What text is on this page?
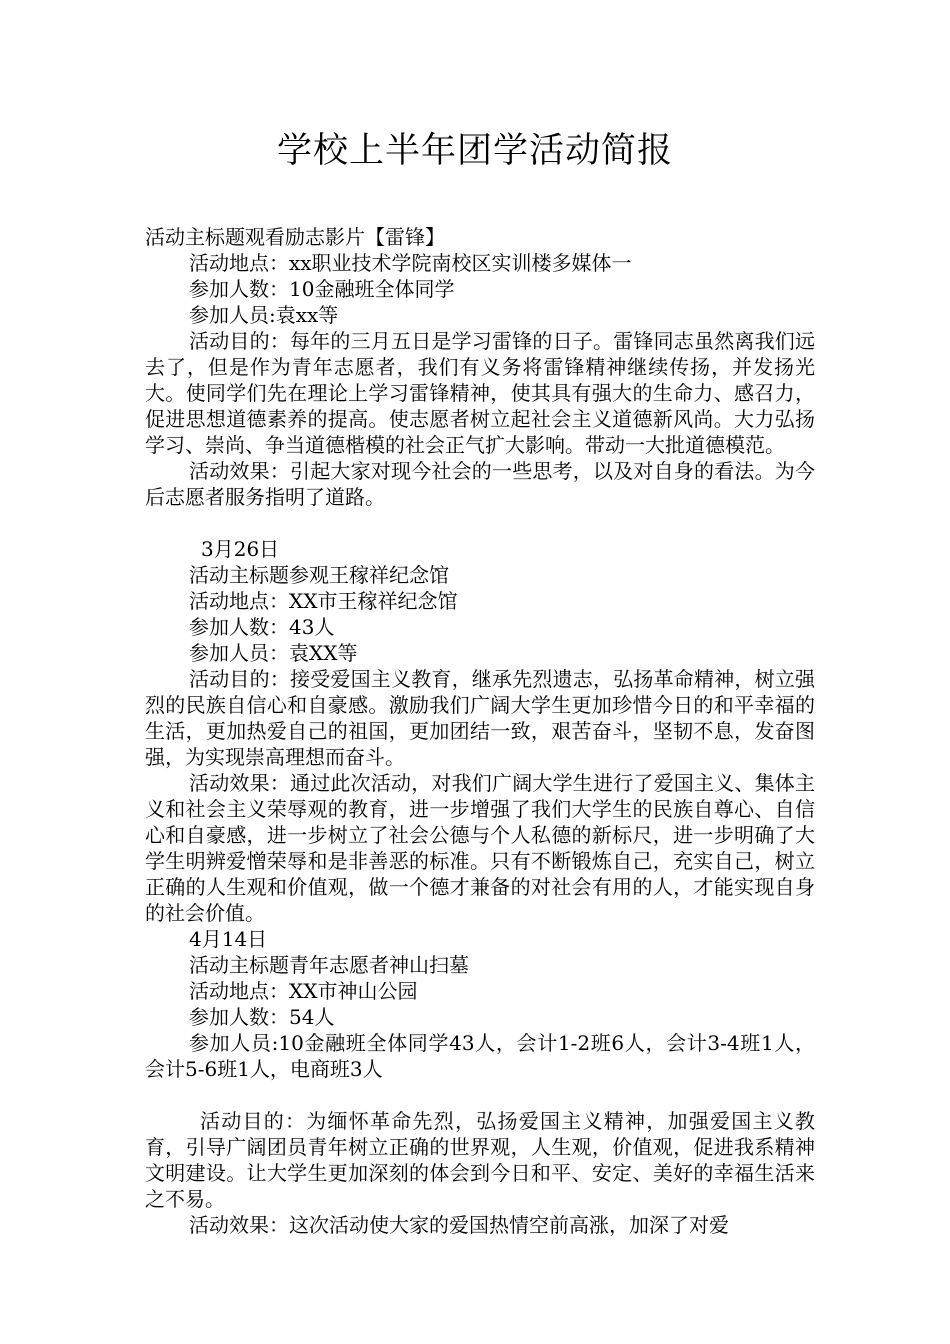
学校上半年团学活动简报

活动主标题观看励志影片【雷锋】

活动地点：xx职业技术学院南校区实训楼多媒体一

参加人数：10金融班全体同学

参加人员:袁xx等

活动目的：每年的三月五日是学习雷锋的日子。雷锋同志虽然离我们远去了，但是作为青年志愿者，我们有义务将雷锋精神继续传扬，并发扬光大。使同学们先在理论上学习雷锋精神，使其具有强大的生命力、感召力，促进思想道德素养的提高。使志愿者树立起社会主义道德新风尚。大力弘扬学习、崇尚、争当道德楷模的社会正气扩大影响。带动一大批道德模范。

活动效果：引起大家对现今社会的一些思考，以及对自身的看法。为今后志愿者服务指明了道路。

3月26日

活动主标题参观王稼祥纪念馆

活动地点：XX市王稼祥纪念馆

参加人数：43人

参加人员：袁XX等

活动目的：接受爱国主义教育，继承先烈遗志，弘扬革命精神，树立强烈的民族自信心和自豪感。激励我们广阔大学生更加珍惜今日的和平幸福的生活，更加热爱自己的祖国，更加团结一致，艰苦奋斗，坚韧不息，发奋图强，为实现崇高理想而奋斗。

活动效果：通过此次活动，对我们广阔大学生进行了爱国主义、集体主义和社会主义荣辱观的教育，进一步增强了我们大学生的民族自尊心、自信心和自豪感，进一步树立了社会公德与个人私德的新标尺，进一步明确了大学生明辨爱憎荣辱和是非善恶的标准。只有不断锻炼自己，充实自己，树立正确的人生观和价值观，做一个德才兼备的对社会有用的人，才能实现自身的社会价值。

4月14日

活动主标题青年志愿者神山扫墓

活动地点：XX市神山公园

参加人数：54人

参加人员:10金融班全体同学43人，会计1-2班6人，会计3-4班1人，会计5-6班1人，电商班3人

活动目的：为缅怀革命先烈，弘扬爱国主义精神，加强爱国主义教育，引导广阔团员青年树立正确的世界观，人生观，价值观，促进我系精神文明建设。让大学生更加深刻的体会到今日和平、安定、美好的幸福生活来之不易。

活动效果：这次活动使大家的爱国热情空前高涨，加深了对爱
